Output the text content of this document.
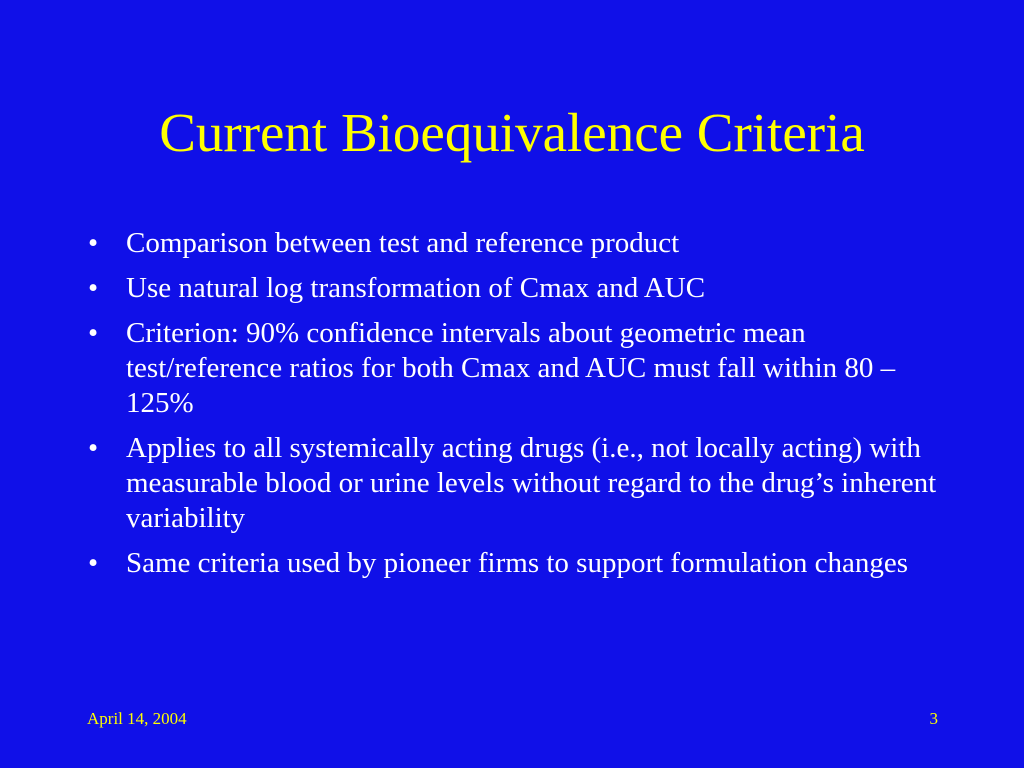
Current Bioequivalence Criteria
• Comparison between test and reference product
• Use natural log transformation of Cmax and AUC
• Criterion: 90% confidence intervals about geometric mean test/reference ratios for both Cmax and AUC must fall within 80 – 125%
• Applies to all systemically acting drugs (i.e., not locally acting) with measurable blood or urine levels without regard to the drug’s inherent variability
• Same criteria used by pioneer firms to support formulation changes
April 14, 2004	3
